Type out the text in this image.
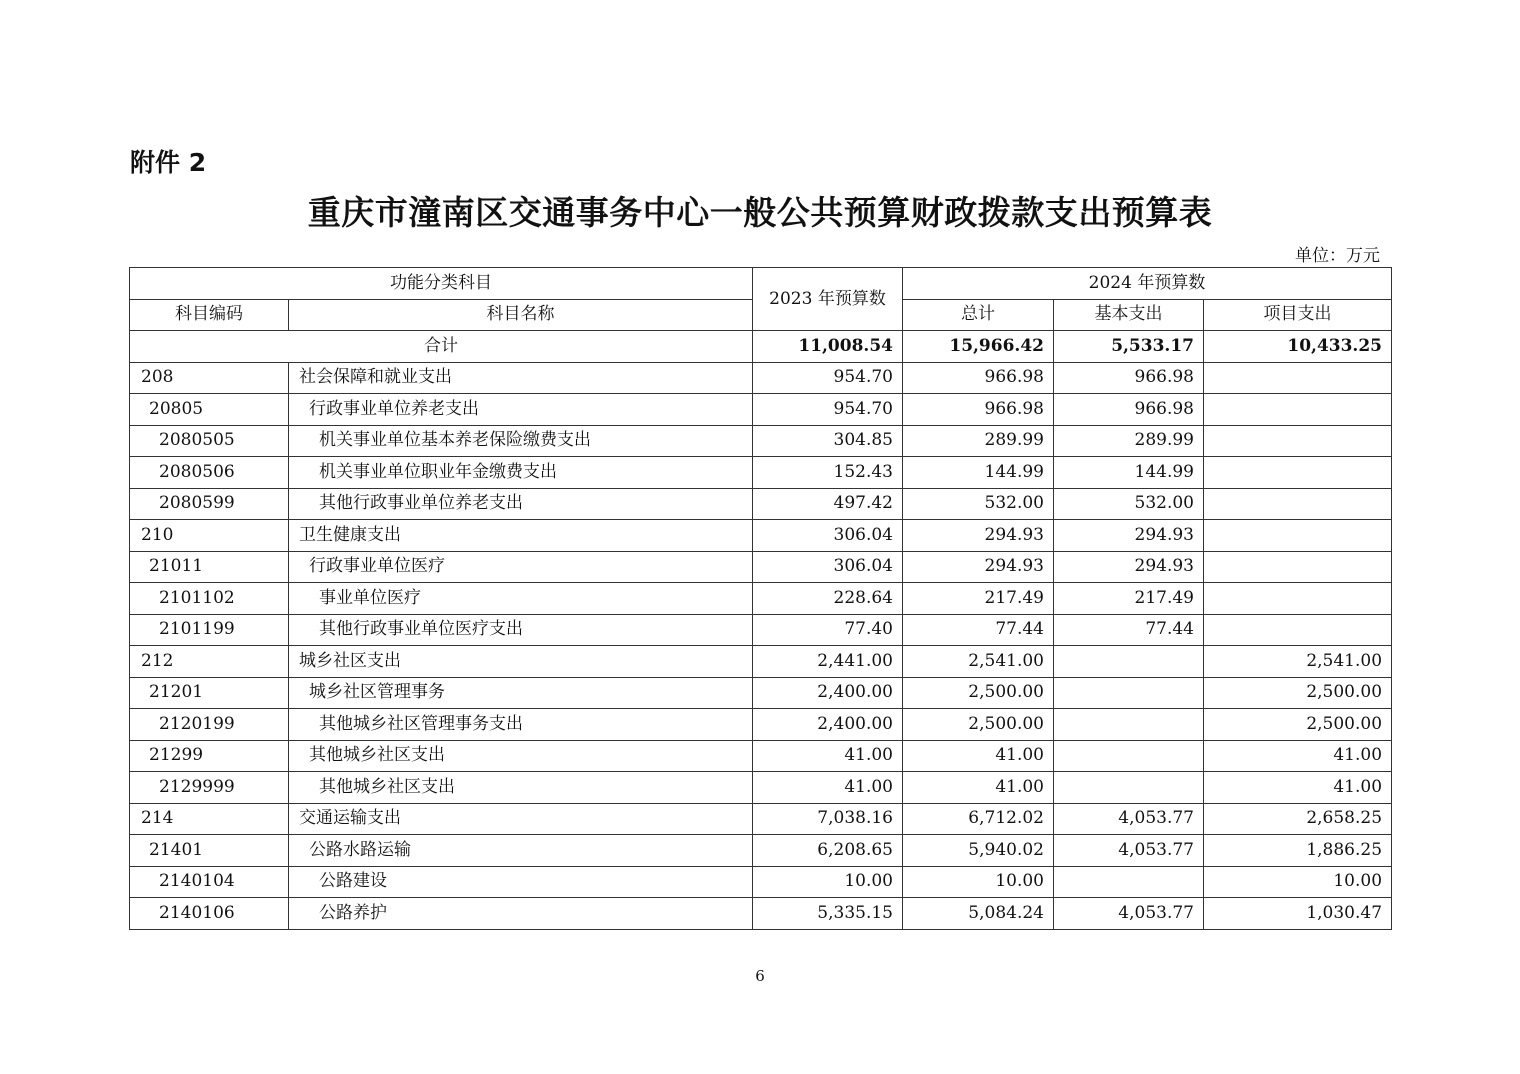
附件 2
重庆市潼南区交通事务中心一般公共预算财政拨款支出预算表
单位：万元
功能分类科目		2023 年预算数	2024 年预算数		
科目编码	科目名称		总计	基本支出	项目支出
合计		11,008.54	15,966.42	5,533.17	10,433.25
208	社会保障和就业支出	954.70	966.98	966.98	
20805	行政事业单位养老支出	954.70	966.98	966.98	
2080505	机关事业单位基本养老保险缴费支出	304.85	289.99	289.99	
2080506	机关事业单位职业年金缴费支出	152.43	144.99	144.99	
2080599	其他行政事业单位养老支出	497.42	532.00	532.00	
210	卫生健康支出	306.04	294.93	294.93	
21011	行政事业单位医疗	306.04	294.93	294.93	
2101102	事业单位医疗	228.64	217.49	217.49	
2101199	其他行政事业单位医疗支出	77.40	77.44	77.44	
212	城乡社区支出	2,441.00	2,541.00		2,541.00
21201	城乡社区管理事务	2,400.00	2,500.00		2,500.00
2120199	其他城乡社区管理事务支出	2,400.00	2,500.00		2,500.00
21299	其他城乡社区支出	41.00	41.00		41.00
2129999	其他城乡社区支出	41.00	41.00		41.00
214	交通运输支出	7,038.16	6,712.02	4,053.77	2,658.25
21401	公路水路运输	6,208.65	5,940.02	4,053.77	1,886.25
2140104	公路建设	10.00	10.00		10.00
2140106	公路养护	5,335.15	5,084.24	4,053.77	1,030.47
6
